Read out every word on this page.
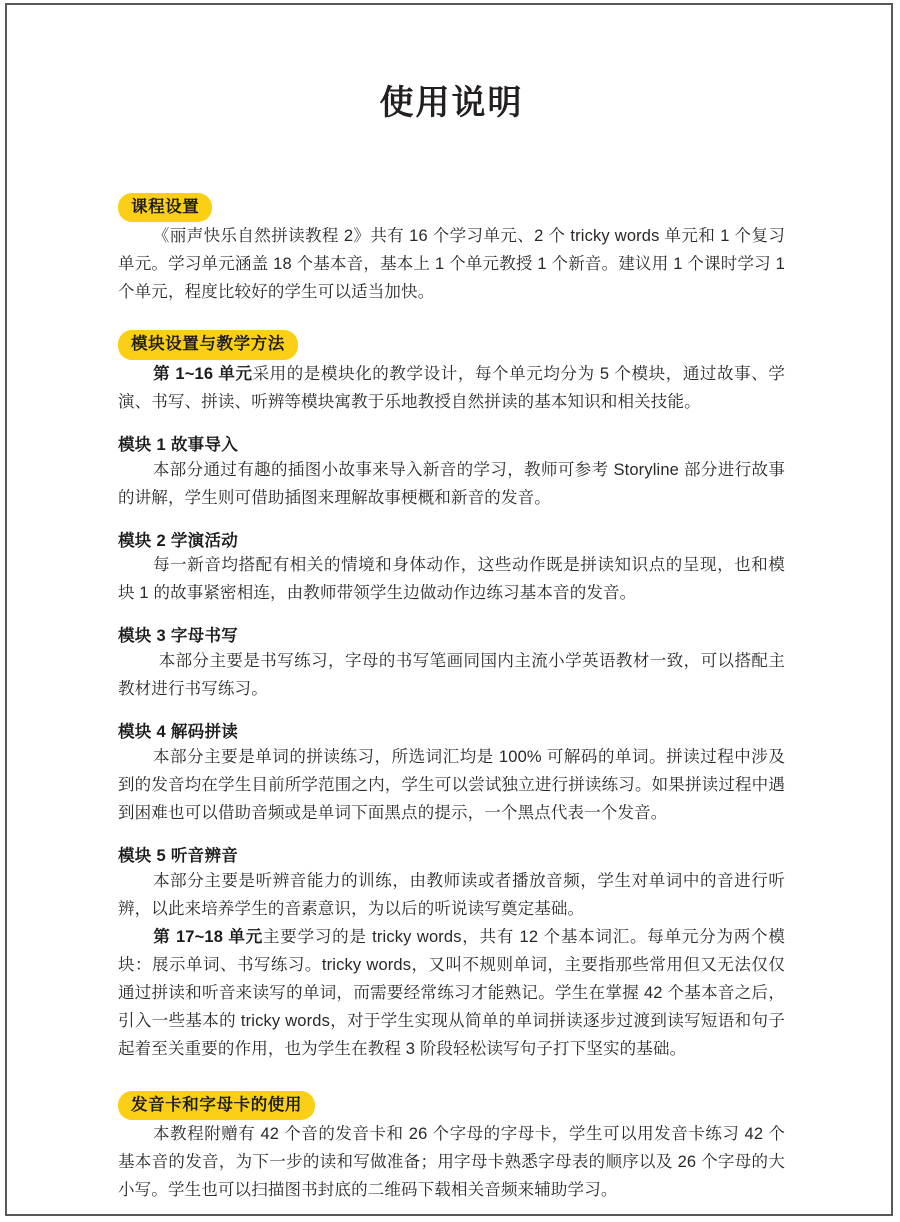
使用说明
课程设置

《丽声快乐自然拼读教程 2》共有 16 个学习单元、2 个 tricky words 单元和 1 个复习单元。学习单元涵盖 18 个基本音，基本上 1 个单元教授 1 个新音。建议用 1 个课时学习 1 个单元，程度比较好的学生可以适当加快。

模块设置与教学方法

第 1~16 单元采用的是模块化的教学设计，每个单元均分为 5 个模块，通过故事、学演、书写、拼读、听辨等模块寓教于乐地教授自然拼读的基本知识和相关技能。

模块 1 故事导入

本部分通过有趣的插图小故事来导入新音的学习，教师可参考 Storyline 部分进行故事的讲解，学生则可借助插图来理解故事梗概和新音的发音。

模块 2 学演活动

每一新音均搭配有相关的情境和身体动作，这些动作既是拼读知识点的呈现，也和模块 1 的故事紧密相连，由教师带领学生边做动作边练习基本音的发音。

模块 3 字母书写

本部分主要是书写练习，字母的书写笔画同国内主流小学英语教材一致，可以搭配主教材进行书写练习。

模块 4 解码拼读

本部分主要是单词的拼读练习，所选词汇均是 100% 可解码的单词。拼读过程中涉及到的发音均在学生目前所学范围之内，学生可以尝试独立进行拼读练习。如果拼读过程中遇到困难也可以借助音频或是单词下面黑点的提示，一个黑点代表一个发音。

模块 5 听音辨音

本部分主要是听辨音能力的训练，由教师读或者播放音频，学生对单词中的音进行听辨，以此来培养学生的音素意识，为以后的听说读写奠定基础。

第 17~18 单元主要学习的是 tricky words，共有 12 个基本词汇。每单元分为两个模块：展示单词、书写练习。tricky words，又叫不规则单词，主要指那些常用但又无法仅仅通过拼读和听音来读写的单词，而需要经常练习才能熟记。学生在掌握 42 个基本音之后，引入一些基本的 tricky words，对于学生实现从简单的单词拼读逐步过渡到读写短语和句子起着至关重要的作用，也为学生在教程 3 阶段轻松读写句子打下坚实的基础。

发音卡和字母卡的使用

本教程附赠有 42 个音的发音卡和 26 个字母的字母卡，学生可以用发音卡练习 42 个基本音的发音，为下一步的读和写做准备；用字母卡熟悉字母表的顺序以及 26 个字母的大小写。学生也可以扫描图书封底的二维码下载相关音频来辅助学习。
